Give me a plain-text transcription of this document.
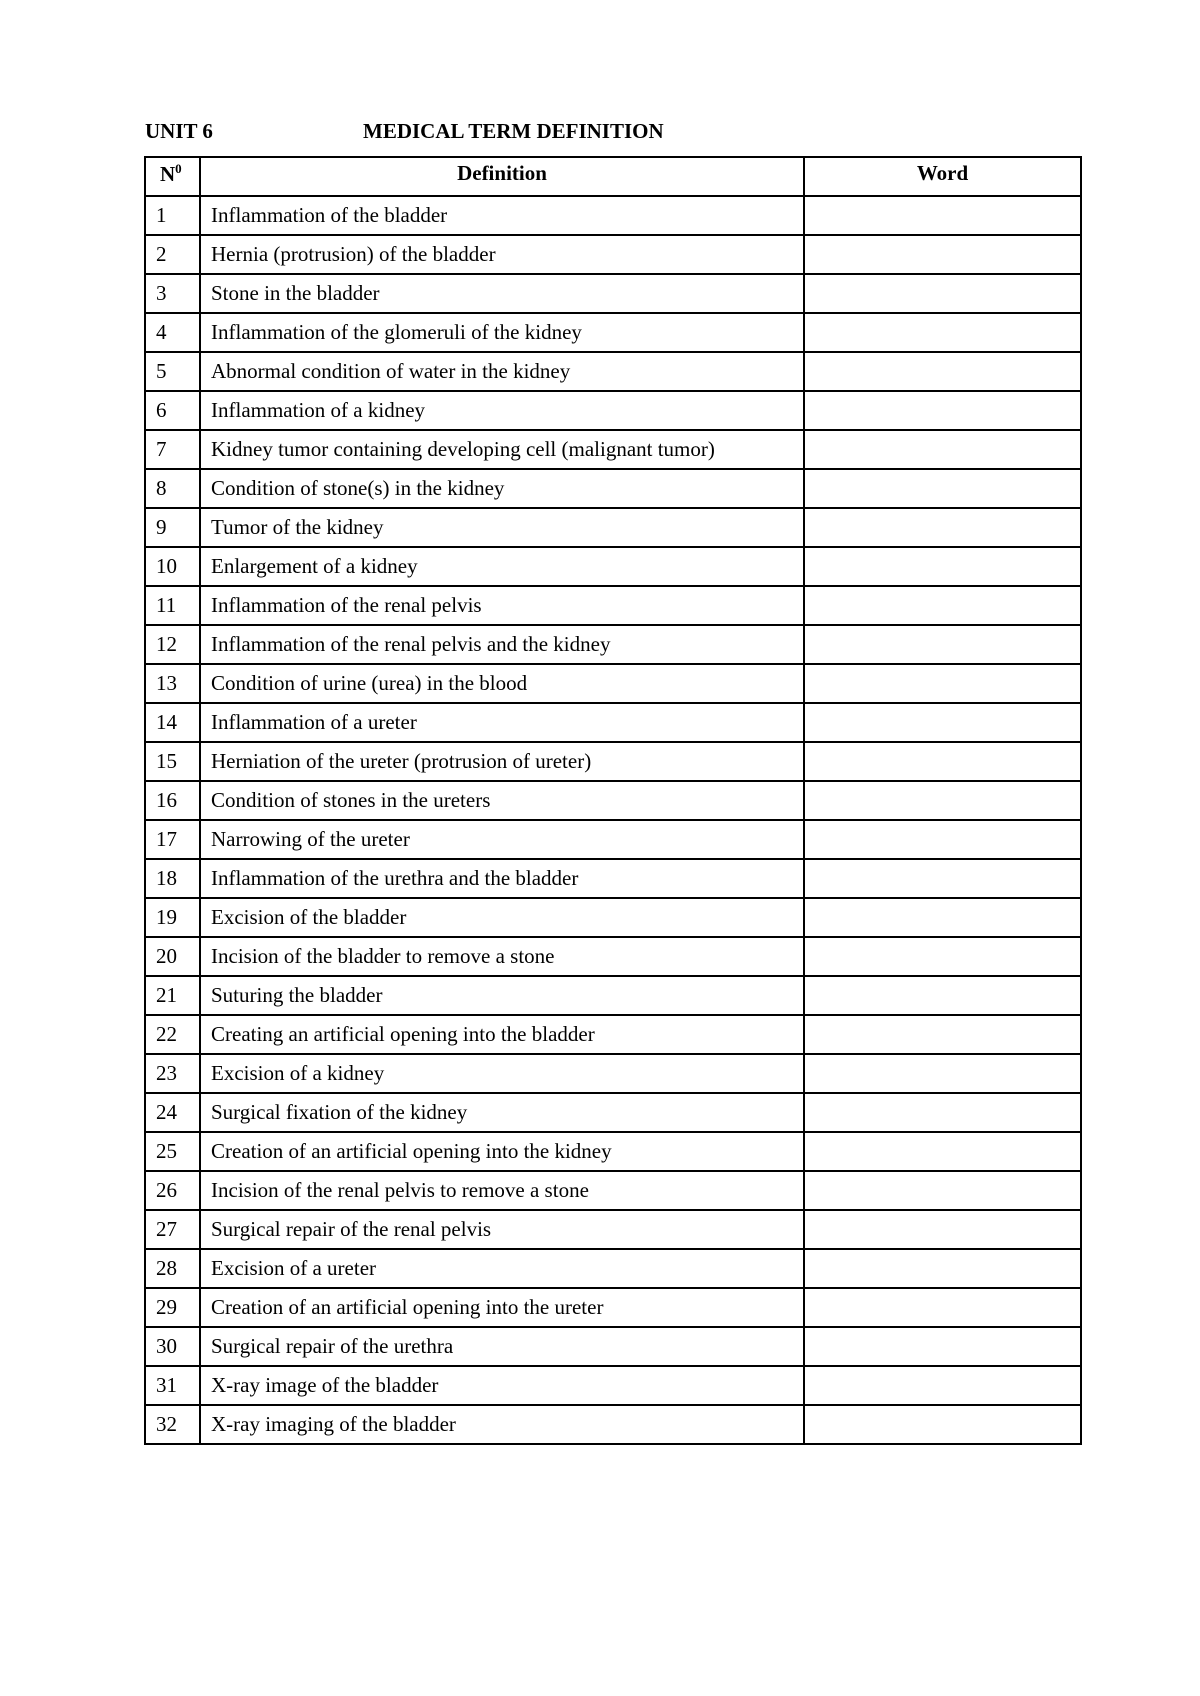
UNIT 6	MEDICAL TERM DEFINITION
$N^0$	Definition	Word
1	Inflammation of the bladder	
2	Hernia (protrusion) of the bladder	
3	Stone in the bladder	
4	Inflammation of the glomeruli of the kidney	
5	Abnormal condition of water in the kidney	
6	Inflammation of a kidney	
7	Kidney tumor containing developing cell (malignant tumor)	
8	Condition of stone(s) in the kidney	
9	Tumor of the kidney	
10	Enlargement of a kidney	
11	Inflammation of the renal pelvis	
12	Inflammation of the renal pelvis and the kidney	
13	Condition of urine (urea) in the blood	
14	Inflammation of a ureter	
15	Herniation of the ureter (protrusion of ureter)	
16	Condition of stones in the ureters	
17	Narrowing of the ureter	
18	Inflammation of the urethra and the bladder	
19	Excision of the bladder	
20	Incision of the bladder to remove a stone	
21	Suturing the bladder	
22	Creating an artificial opening into the bladder	
23	Excision of a kidney	
24	Surgical fixation of the kidney	
25	Creation of an artificial opening into the kidney	
26	Incision of the renal pelvis to remove a stone	
27	Surgical repair of the renal pelvis	
28	Excision of a ureter	
29	Creation of an artificial opening into the ureter	
30	Surgical repair of the urethra	
31	X-ray image of the bladder	
32	X-ray imaging of the bladder	
